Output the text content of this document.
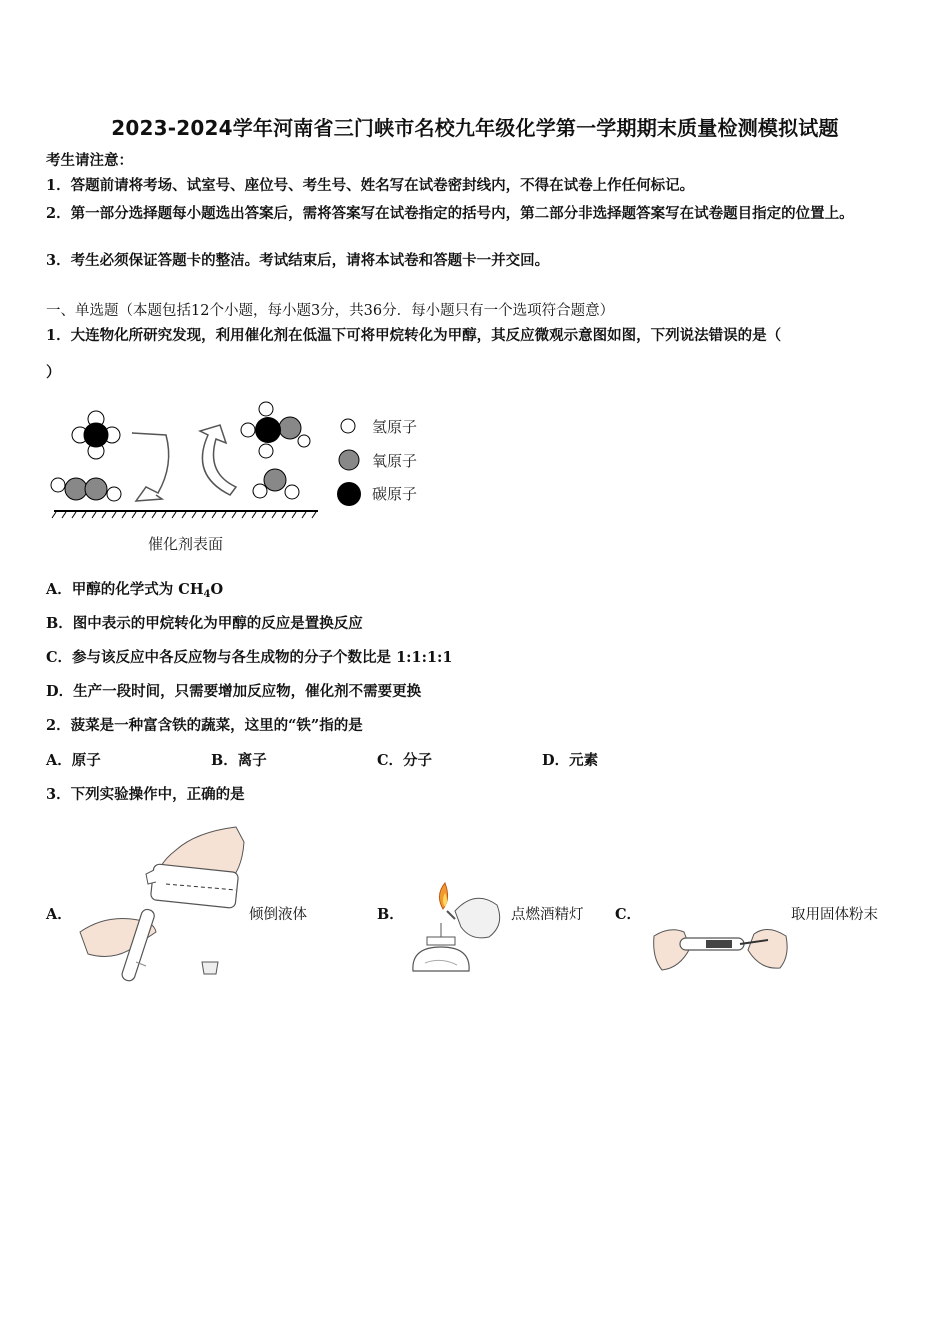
2023-2024学年河南省三门峡市名校九年级化学第一学期期末质量检测模拟试题
考生请注意：
1．答题前请将考场、试室号、座位号、考生号、姓名写在试卷密封线内，不得在试卷上作任何标记。
2．第一部分选择题每小题选出答案后，需将答案写在试卷指定的括号内，第二部分非选择题答案写在试卷题目指定的位置上。
3．考生必须保证答题卡的整洁。考试结束后，请将本试卷和答题卡一并交回。
一、单选题（本题包括12个小题，每小题3分，共36分．每小题只有一个选项符合题意）
1．大连物化所研究发现，利用催化剂在低温下可将甲烷转化为甲醇，其反应微观示意图如图，下列说法错误的是（
）
催化剂表面
氢原子
氧原子
碳原子
A．甲醇的化学式为 $CH_4O$
B．图中表示的甲烷转化为甲醇的反应是置换反应
C．参与该反应中各反应物与各生成物的分子个数比是 1:1:1:1
D．生产一段时间，只需要增加反应物，催化剂不需要更换
2．菠菜是一种富含铁的蔬菜，这里的“铁”指的是
A．原子	B．离子	C．分子	D．元素
3．下列实验操作中，正确的是
A．	倾倒液体	B．	点燃酒精灯 C．	取用固体粉末
